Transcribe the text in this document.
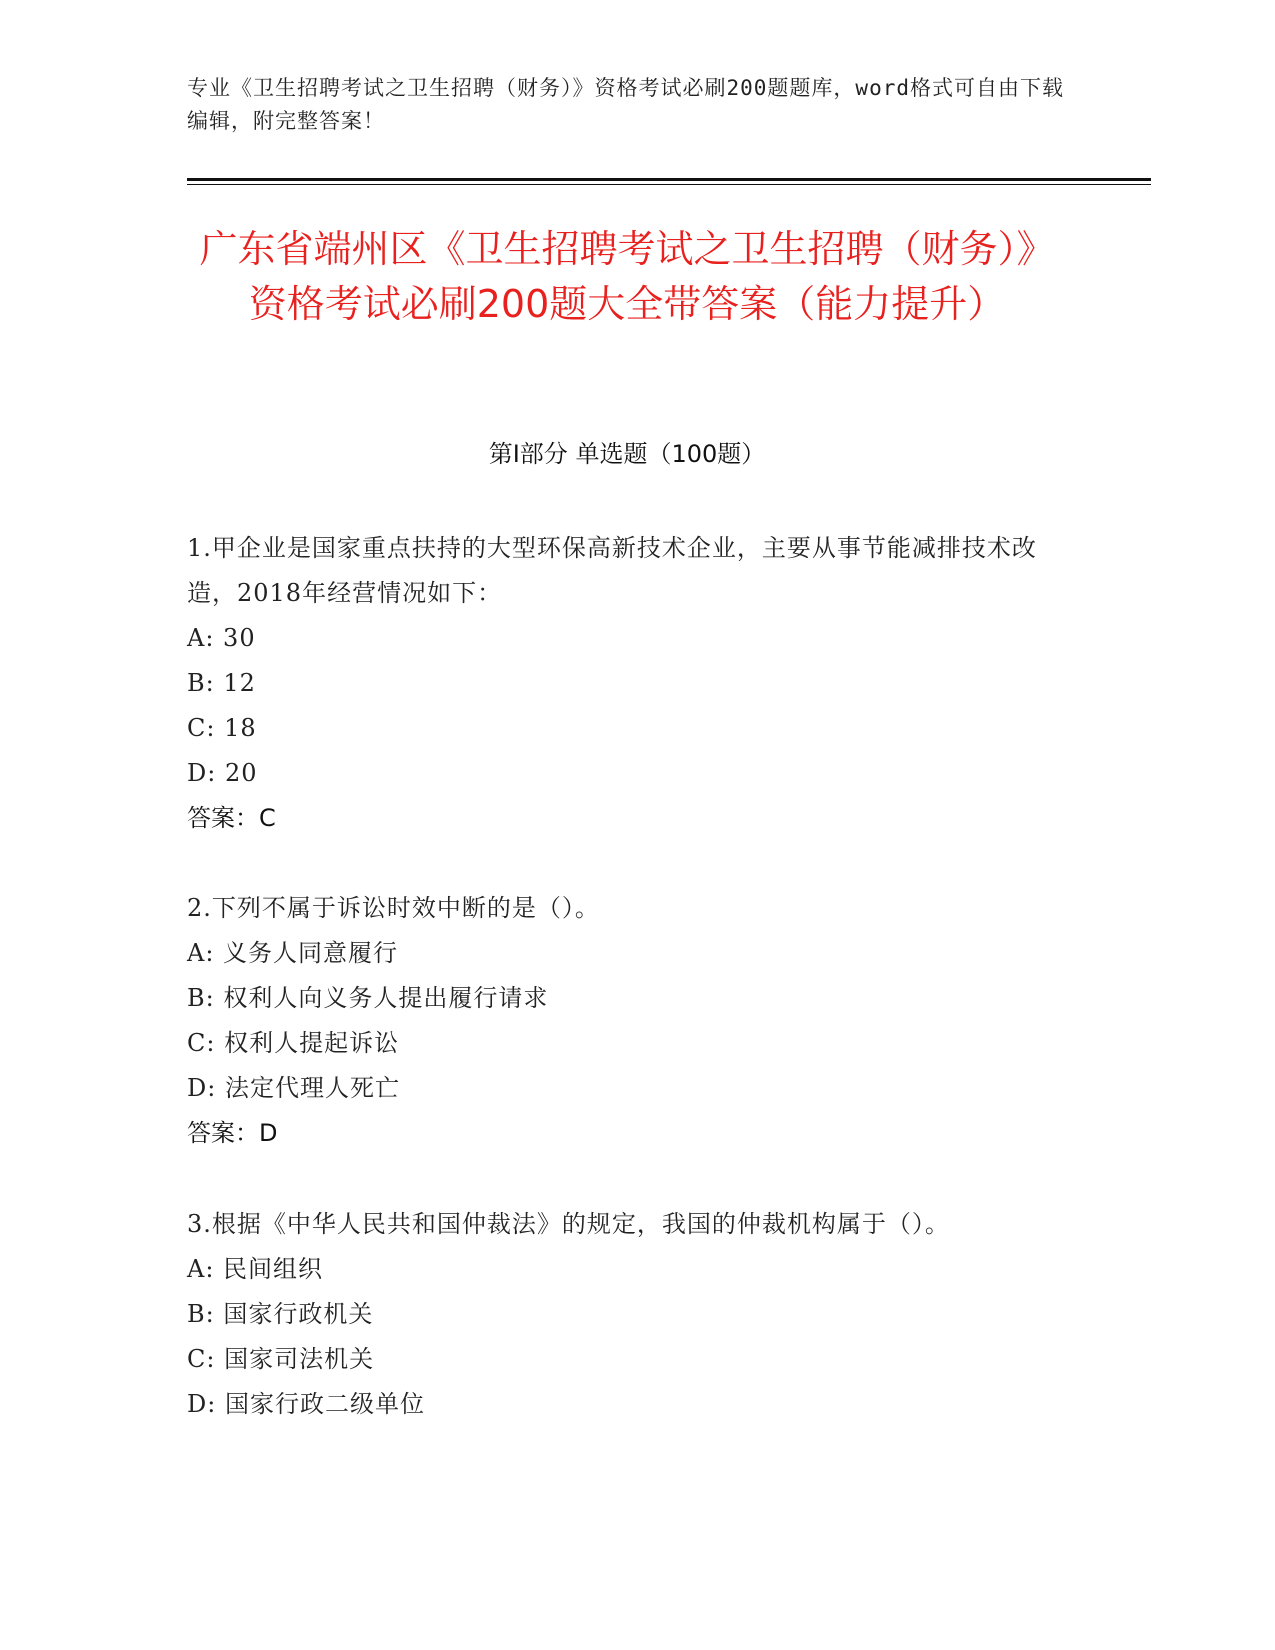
专业《卫生招聘考试之卫生招聘（财务）》资格考试必刷200题题库，word格式可自由下载编辑，附完整答案！
广东省端州区《卫生招聘考试之卫生招聘（财务）》资格考试必刷200题大全带答案（能力提升）
第Ⅰ部分 单选题（100题）
1.甲企业是国家重点扶持的大型环保高新技术企业，主要从事节能减排技术改造，2018年经营情况如下：
A: 30
B: 12
C: 18
D: 20
答案：C
2.下列不属于诉讼时效中断的是（）。
A: 义务人同意履行
B: 权利人向义务人提出履行请求
C: 权利人提起诉讼
D: 法定代理人死亡
答案：D
3.根据《中华人民共和国仲裁法》的规定，我国的仲裁机构属于（）。
A: 民间组织
B: 国家行政机关
C: 国家司法机关
D: 国家行政二级单位
